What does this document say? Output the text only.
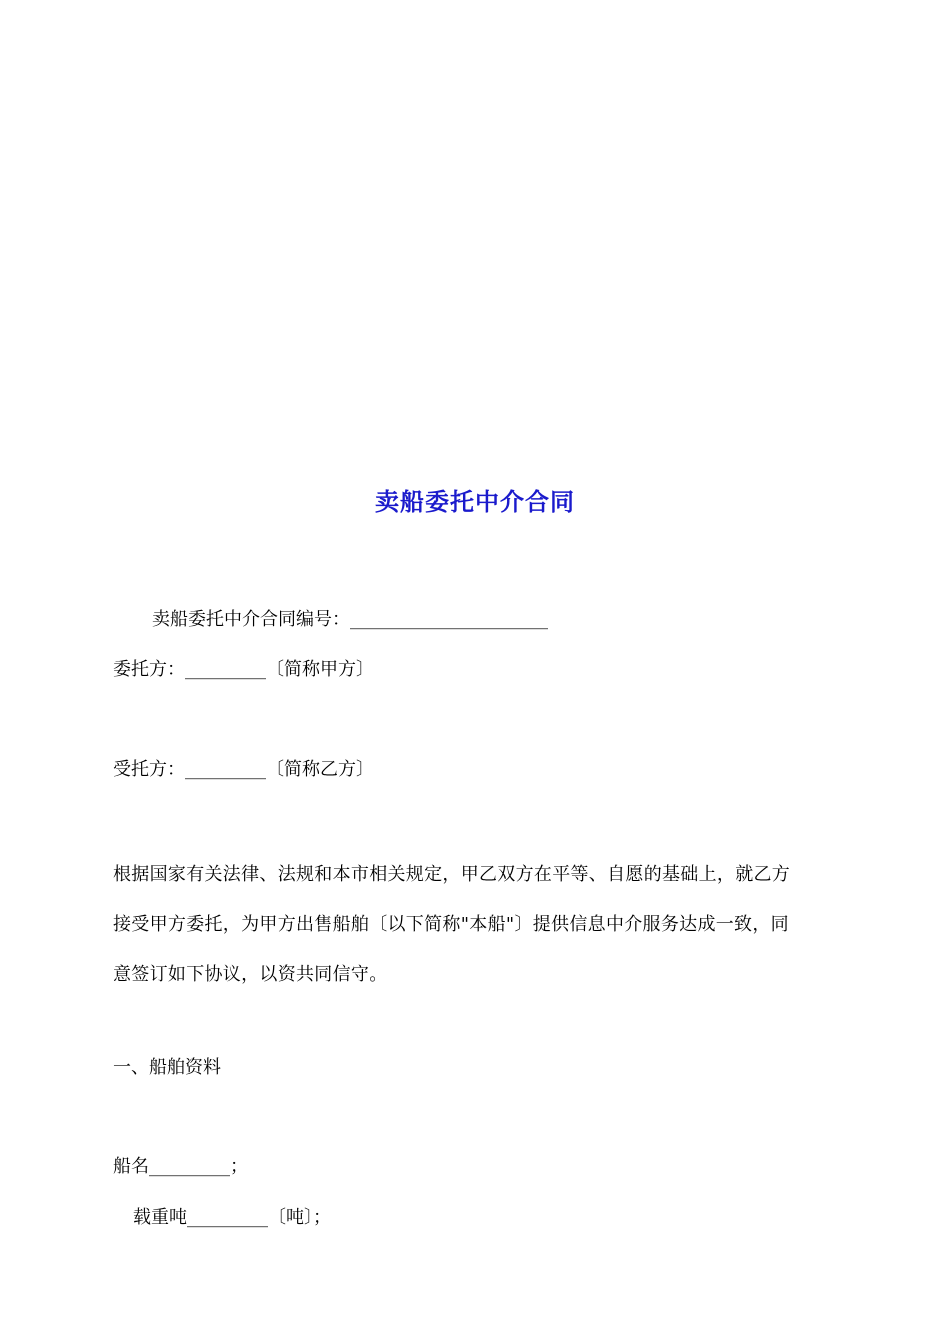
卖船委托中介合同
卖船委托中介合同编号：______________________
委托方：_________〔简称甲方〕
受托方：_________〔简称乙方〕
根据国家有关法律、法规和本市相关规定，甲乙双方在平等、自愿的基础上，就乙方
接受甲方委托，为甲方出售船舶〔以下简称"本船"〕提供信息中介服务达成一致，同
意签订如下协议，以资共同信守。
一、船舶资料
船名_________；
载重吨_________〔吨〕；
